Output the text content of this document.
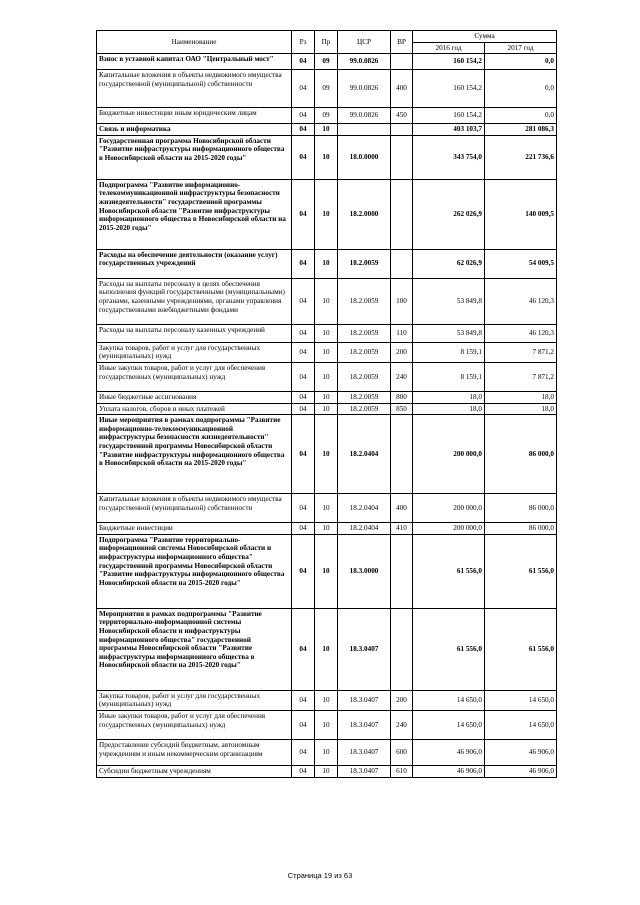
Наименование	Рз	Пр	ЦСР	ВР	Сумма	
					2016 год	2017 год
Взнос в уставной капитал ОАО "Центральный мост"	04	09	99.0.0826		160 154,2	0,0
Капитальные вложения в объекты недвижимого имущества государственной (муниципальной) собственности	04	09	99.0.0826	400	160 154,2	0,0
Бюджетные инвестиции иным юридическим лицам	04	09	99.0.0826	450	160 154,2	0,0
Связь и информатика	04	10			403 103,7	281 086,3
Государственная программа Новосибирской области "Развитие инфраструктуры информационного общества в Новосибирской области на 2015-2020 годы"	04	10	18.0.0000		343 754,0	221 736,6
Подпрограмма "Развитие информационно-телекоммуникационной инфраструктуры безопасности жизнедеятельности" государственной программы Новосибирской области "Развитие инфраструктуры информационного общества в Новосибирской области на 2015-2020 годы"	04	10	18.2.0000		262 026,9	140 009,5
Расходы на обеспечение деятельности (оказание услуг) государственных учреждений	04	10	18.2.0059		62 026,9	54 009,5
Расходы на выплаты персоналу в целях обеспечения выполнения функций государственными (муниципальными) органами, казенными учреждениями, органами управления государственными внебюджетными фондами	04	10	18.2.0059	100	53 849,8	46 120,3
Расходы на выплаты персоналу казенных учреждений	04	10	18.2.0059	110	53 849,8	46 120,3
Закупка товаров, работ и услуг для государственных (муниципальных) нужд	04	10	18.2.0059	200	8 159,1	7 871,2
Иные закупки товаров, работ и услуг для обеспечения государственных (муниципальных) нужд	04	10	18.2.0059	240	8 159,1	7 871,2
Иные бюджетные ассигнования	04	10	18.2.0059	800	18,0	18,0
Уплата налогов, сборов и иных платежей	04	10	18.2.0059	850	18,0	18,0
Иные мероприятия в рамках подпрограммы "Развитие информационно-телекоммуникационной инфраструктуры безопасности жизнедеятельности" государственной программы Новосибирской области "Развитие инфраструктуры информационного общества в Новосибирской области на 2015-2020 годы"	04	10	18.2.0404		200 000,0	86 000,0
Капитальные вложения в объекты недвижимого имущества государственной (муниципальной) собственности	04	10	18.2.0404	400	200 000,0	86 000,0
Бюджетные инвестиции	04	10	18.2.0404	410	200 000,0	86 000,0
Подпрограмма "Развитие территориально-информационной системы Новосибирской области и инфраструктуры информационного общества" государственной программы Новосибирской области "Развитие инфраструктуры информационного общества Новосибирской области на 2015-2020 годы"	04	10	18.3.0000		61 556,0	61 556,0
Мероприятия в рамках подпрограммы "Развитие территориально-информационной системы Новосибирской области и инфраструктуры информационного общества" государственной программы Новосибирской области "Развитие инфраструктуры информационного общества в Новосибирской области на 2015-2020 годы"	04	10	18.3.0407		61 556,0	61 556,0
Закупка товаров, работ и услуг для государственных (муниципальных) нужд	04	10	18.3.0407	200	14 650,0	14 650,0
Иные закупки товаров, работ и услуг для обеспечения государственных (муниципальных) нужд	04	10	18.3.0407	240	14 650,0	14 650,0
Предоставление субсидий бюджетным, автономным учреждениям и иным некоммерческим организациям	04	10	18.3.0407	600	46 906,0	46 906,0
Субсидии бюджетным учреждениям	04	10	18.3.0407	610	46 906,0	46 906,0
Страница 19 из 63
